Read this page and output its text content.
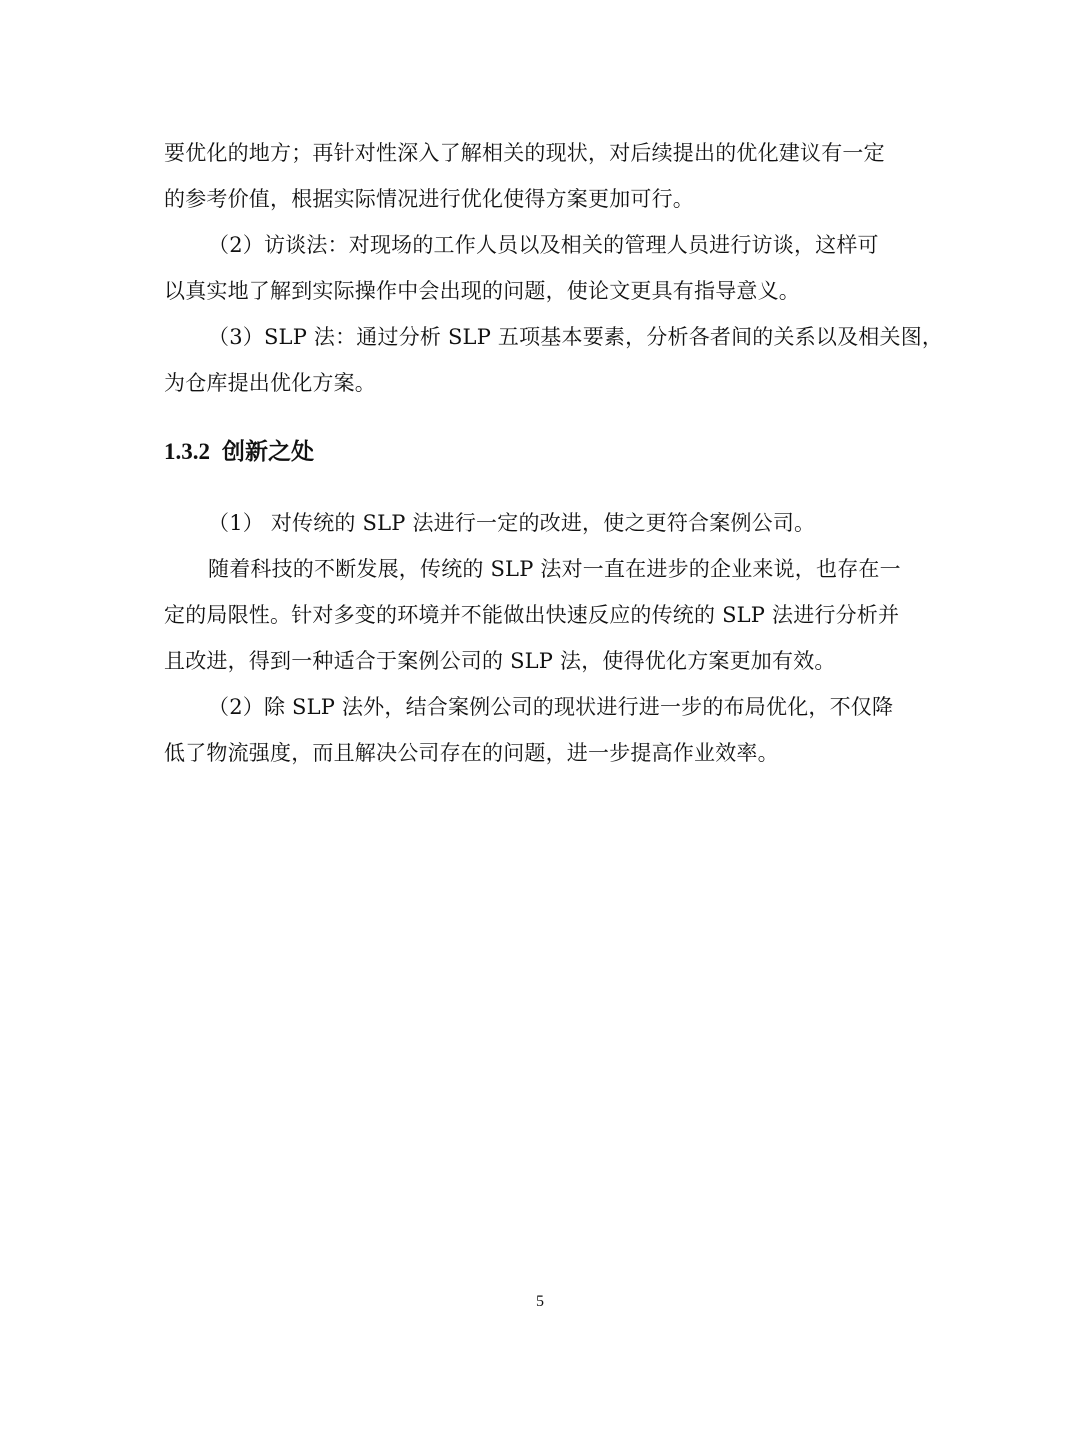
要优化的地方；再针对性深入了解相关的现状，对后续提出的优化建议有一定
的参考价值，根据实际情况进行优化使得方案更加可行。

（2）访谈法：对现场的工作人员以及相关的管理人员进行访谈，这样可
以真实地了解到实际操作中会出现的问题，使论文更具有指导意义。

（3）SLP 法：通过分析 SLP 五项基本要素，分析各者间的关系以及相关图，
为仓库提出优化方案。

1.3.2 创新之处

（1） 对传统的 SLP 法进行一定的改进，使之更符合案例公司。

随着科技的不断发展，传统的 SLP 法对一直在进步的企业来说，也存在一
定的局限性。针对多变的环境并不能做出快速反应的传统的 SLP 法进行分析并
且改进，得到一种适合于案例公司的 SLP 法，使得优化方案更加有效。

（2）除 SLP 法外，结合案例公司的现状进行进一步的布局优化，不仅降
低了物流强度，而且解决公司存在的问题，进一步提高作业效率。

5
